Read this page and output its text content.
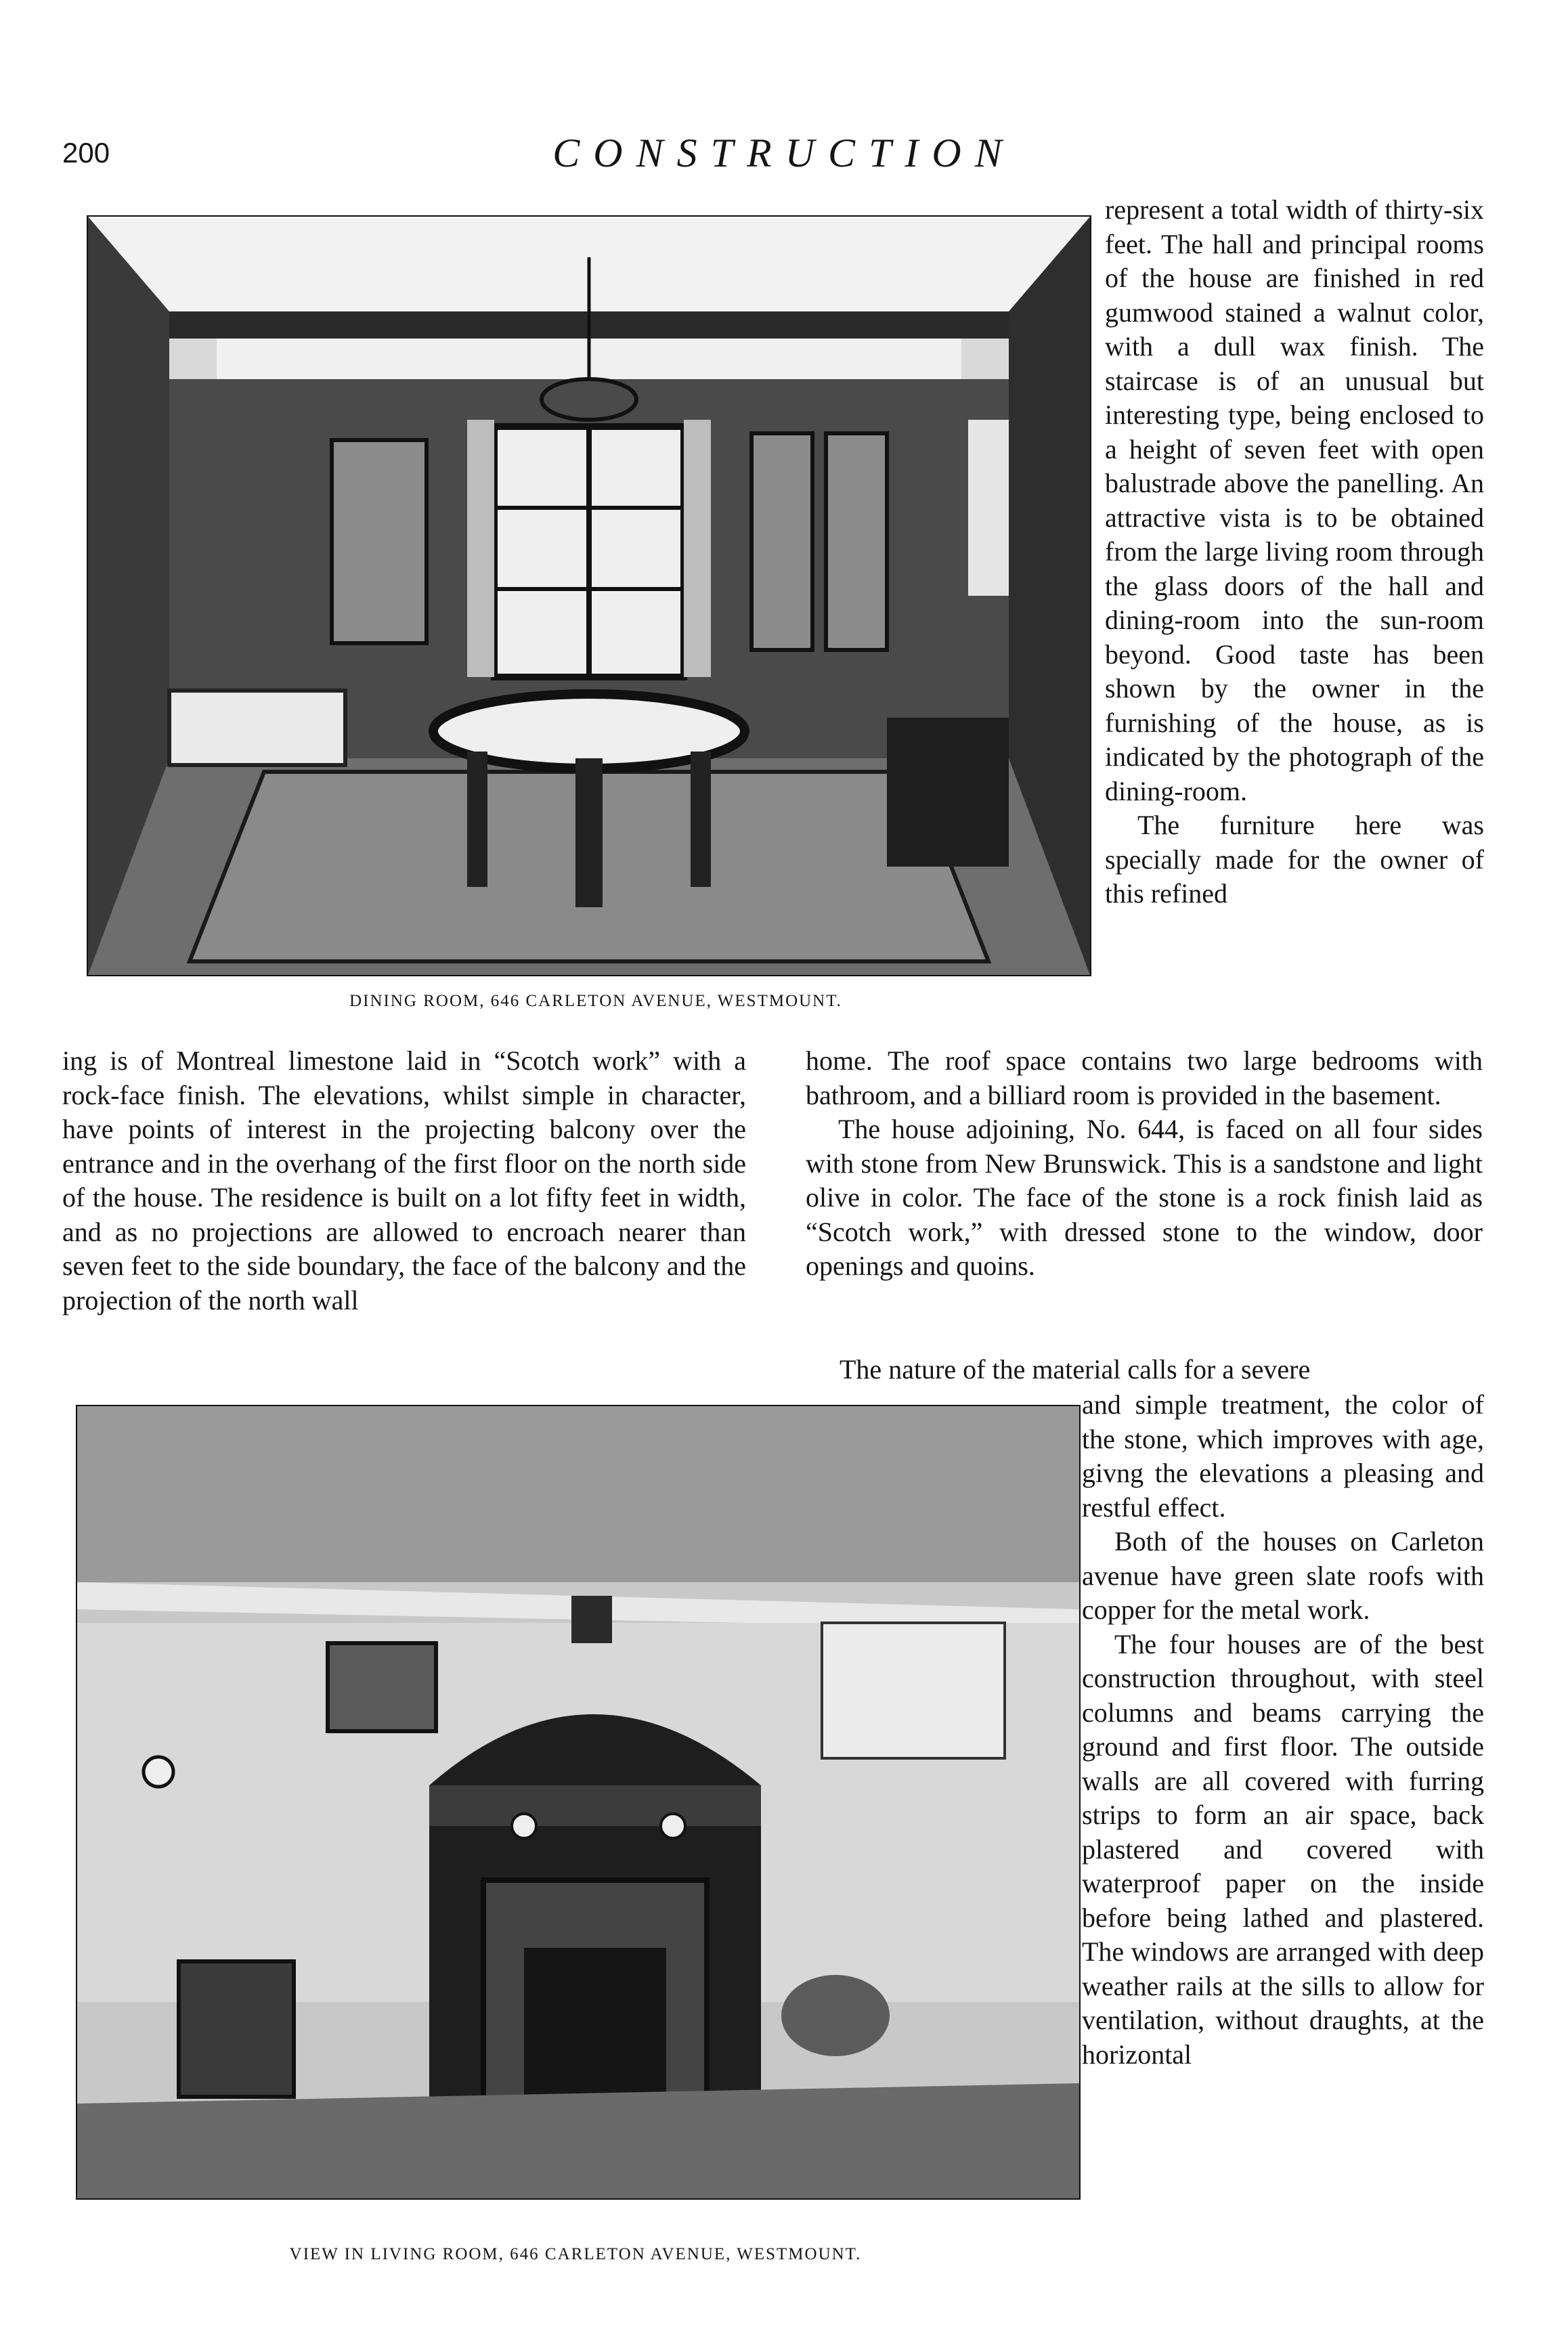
200	CONSTRUCTION
DINING ROOM, 646 CARLETON AVENUE, WESTMOUNT.

represent a total width of thirty-six feet. The hall and principal rooms of the house are finished in red gumwood stained a walnut color, with a dull wax finish. The staircase is of an unusual but interesting type, being enclosed to a height of seven feet with open balustrade above the panelling. An attractive vista is to be obtained from the large living room through the glass doors of the hall and dining-room into the sun-room beyond. Good taste has been shown by the owner in the furnishing of the house, as is indicated by the photograph of the dining-room.

The furniture here was specially made for the owner of this refined

ing is of Montreal limestone laid in “Scotch work” with a rock-face finish. The elevations, whilst simple in character, have points of interest in the projecting balcony over the entrance and in the overhang of the first floor on the north side of the house. The residence is built on a lot fifty feet in width, and as no projections are allowed to encroach nearer than seven feet to the side boundary, the face of the balcony and the projection of the north wall

home. The roof space contains two large bedrooms with bathroom, and a billiard room is provided in the basement.

The house adjoining, No. 644, is faced on all four sides with stone from New Brunswick. This is a sandstone and light olive in color. The face of the stone is a rock finish laid as “Scotch work,” with dressed stone to the window, door openings and quoins.

The nature of the material calls for a severe
VIEW IN LIVING ROOM, 646 CARLETON AVENUE, WESTMOUNT.

and simple treatment, the color of the stone, which improves with age, givng the elevations a pleasing and restful effect.

Both of the houses on Carleton avenue have green slate roofs with copper for the metal work.

The four houses are of the best construction throughout, with steel columns and beams carrying the ground and first floor. The outside walls are all covered with furring strips to form an air space, back plastered and covered with waterproof paper on the inside before being lathed and plastered. The windows are arranged with deep weather rails at the sills to allow for ventilation, without draughts, at the horizontal
